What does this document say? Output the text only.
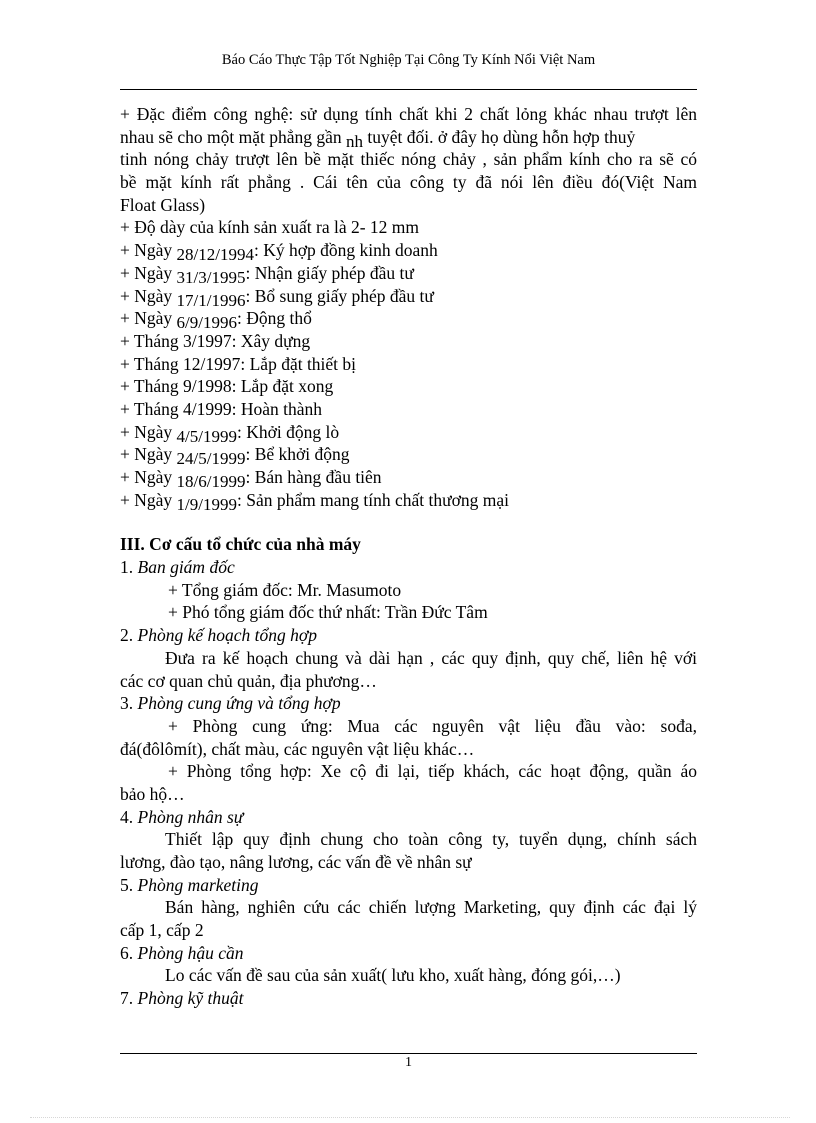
Báo Cáo Thực Tập Tốt Nghiệp Tại Công Ty Kính Nổi Việt Nam
+ Đặc điểm công nghệ: sử dụng tính chất khi 2 chất lỏng khác nhau trượt lên
nhau sẽ cho một mặt phẳng gần nh tuyệt đối. ở đây họ dùng hỗn hợp thuỷ
tinh nóng chảy trượt lên bề mặt thiếc nóng chảy , sản phẩm kính cho ra sẽ có
bề mặt kính rất phẳng . Cái tên của công ty đã nói lên điều đó(Việt Nam
Float Glass)
+ Độ dày của kính sản xuất ra là 2- 12 mm
+ Ngày 28/12/1994: Ký hợp đồng kinh doanh
+ Ngày 31/3/1995: Nhận giấy phép đầu tư
+ Ngày 17/1/1996: Bổ sung giấy phép đầu tư
+ Ngày 6/9/1996: Động thổ
+ Tháng 3/1997: Xây dựng
+ Tháng 12/1997: Lắp đặt thiết bị
+ Tháng 9/1998: Lắp đặt xong
+ Tháng 4/1999: Hoàn thành
+ Ngày 4/5/1999: Khởi động lò
+ Ngày 24/5/1999: Bể khởi động
+ Ngày 18/6/1999: Bán hàng đầu tiên
+ Ngày 1/9/1999: Sản phẩm mang tính chất thương mại
III. Cơ cấu tổ chức của nhà máy
1. Ban giám đốc
+ Tổng giám đốc: Mr. Masumoto
+ Phó tổng giám đốc thứ nhất: Trần Đức Tâm
2. Phòng kế hoạch tổng hợp
Đưa ra kế hoạch chung và dài hạn , các quy định, quy chế, liên hệ với
các cơ quan chủ quản, địa phương…
3. Phòng cung ứng và tổng hợp
+ Phòng cung ứng: Mua các nguyên vật liệu đầu vào: sođa,
đá(đôlômít), chất màu, các nguyên vật liệu khác…
+ Phòng tổng hợp: Xe cộ đi lại, tiếp khách, các hoạt động, quần áo
bảo hộ…
4. Phòng nhân sự
Thiết lập quy định chung cho toàn công ty, tuyển dụng, chính sách
lương, đào tạo, nâng lương, các vấn đề về nhân sự
5. Phòng marketing
Bán hàng, nghiên cứu các chiến lượng Marketing, quy định các đại lý
cấp 1, cấp 2
6. Phòng hậu cần
Lo các vấn đề sau của sản xuất( lưu kho, xuất hàng, đóng gói,…)
7. Phòng kỹ thuật
1
